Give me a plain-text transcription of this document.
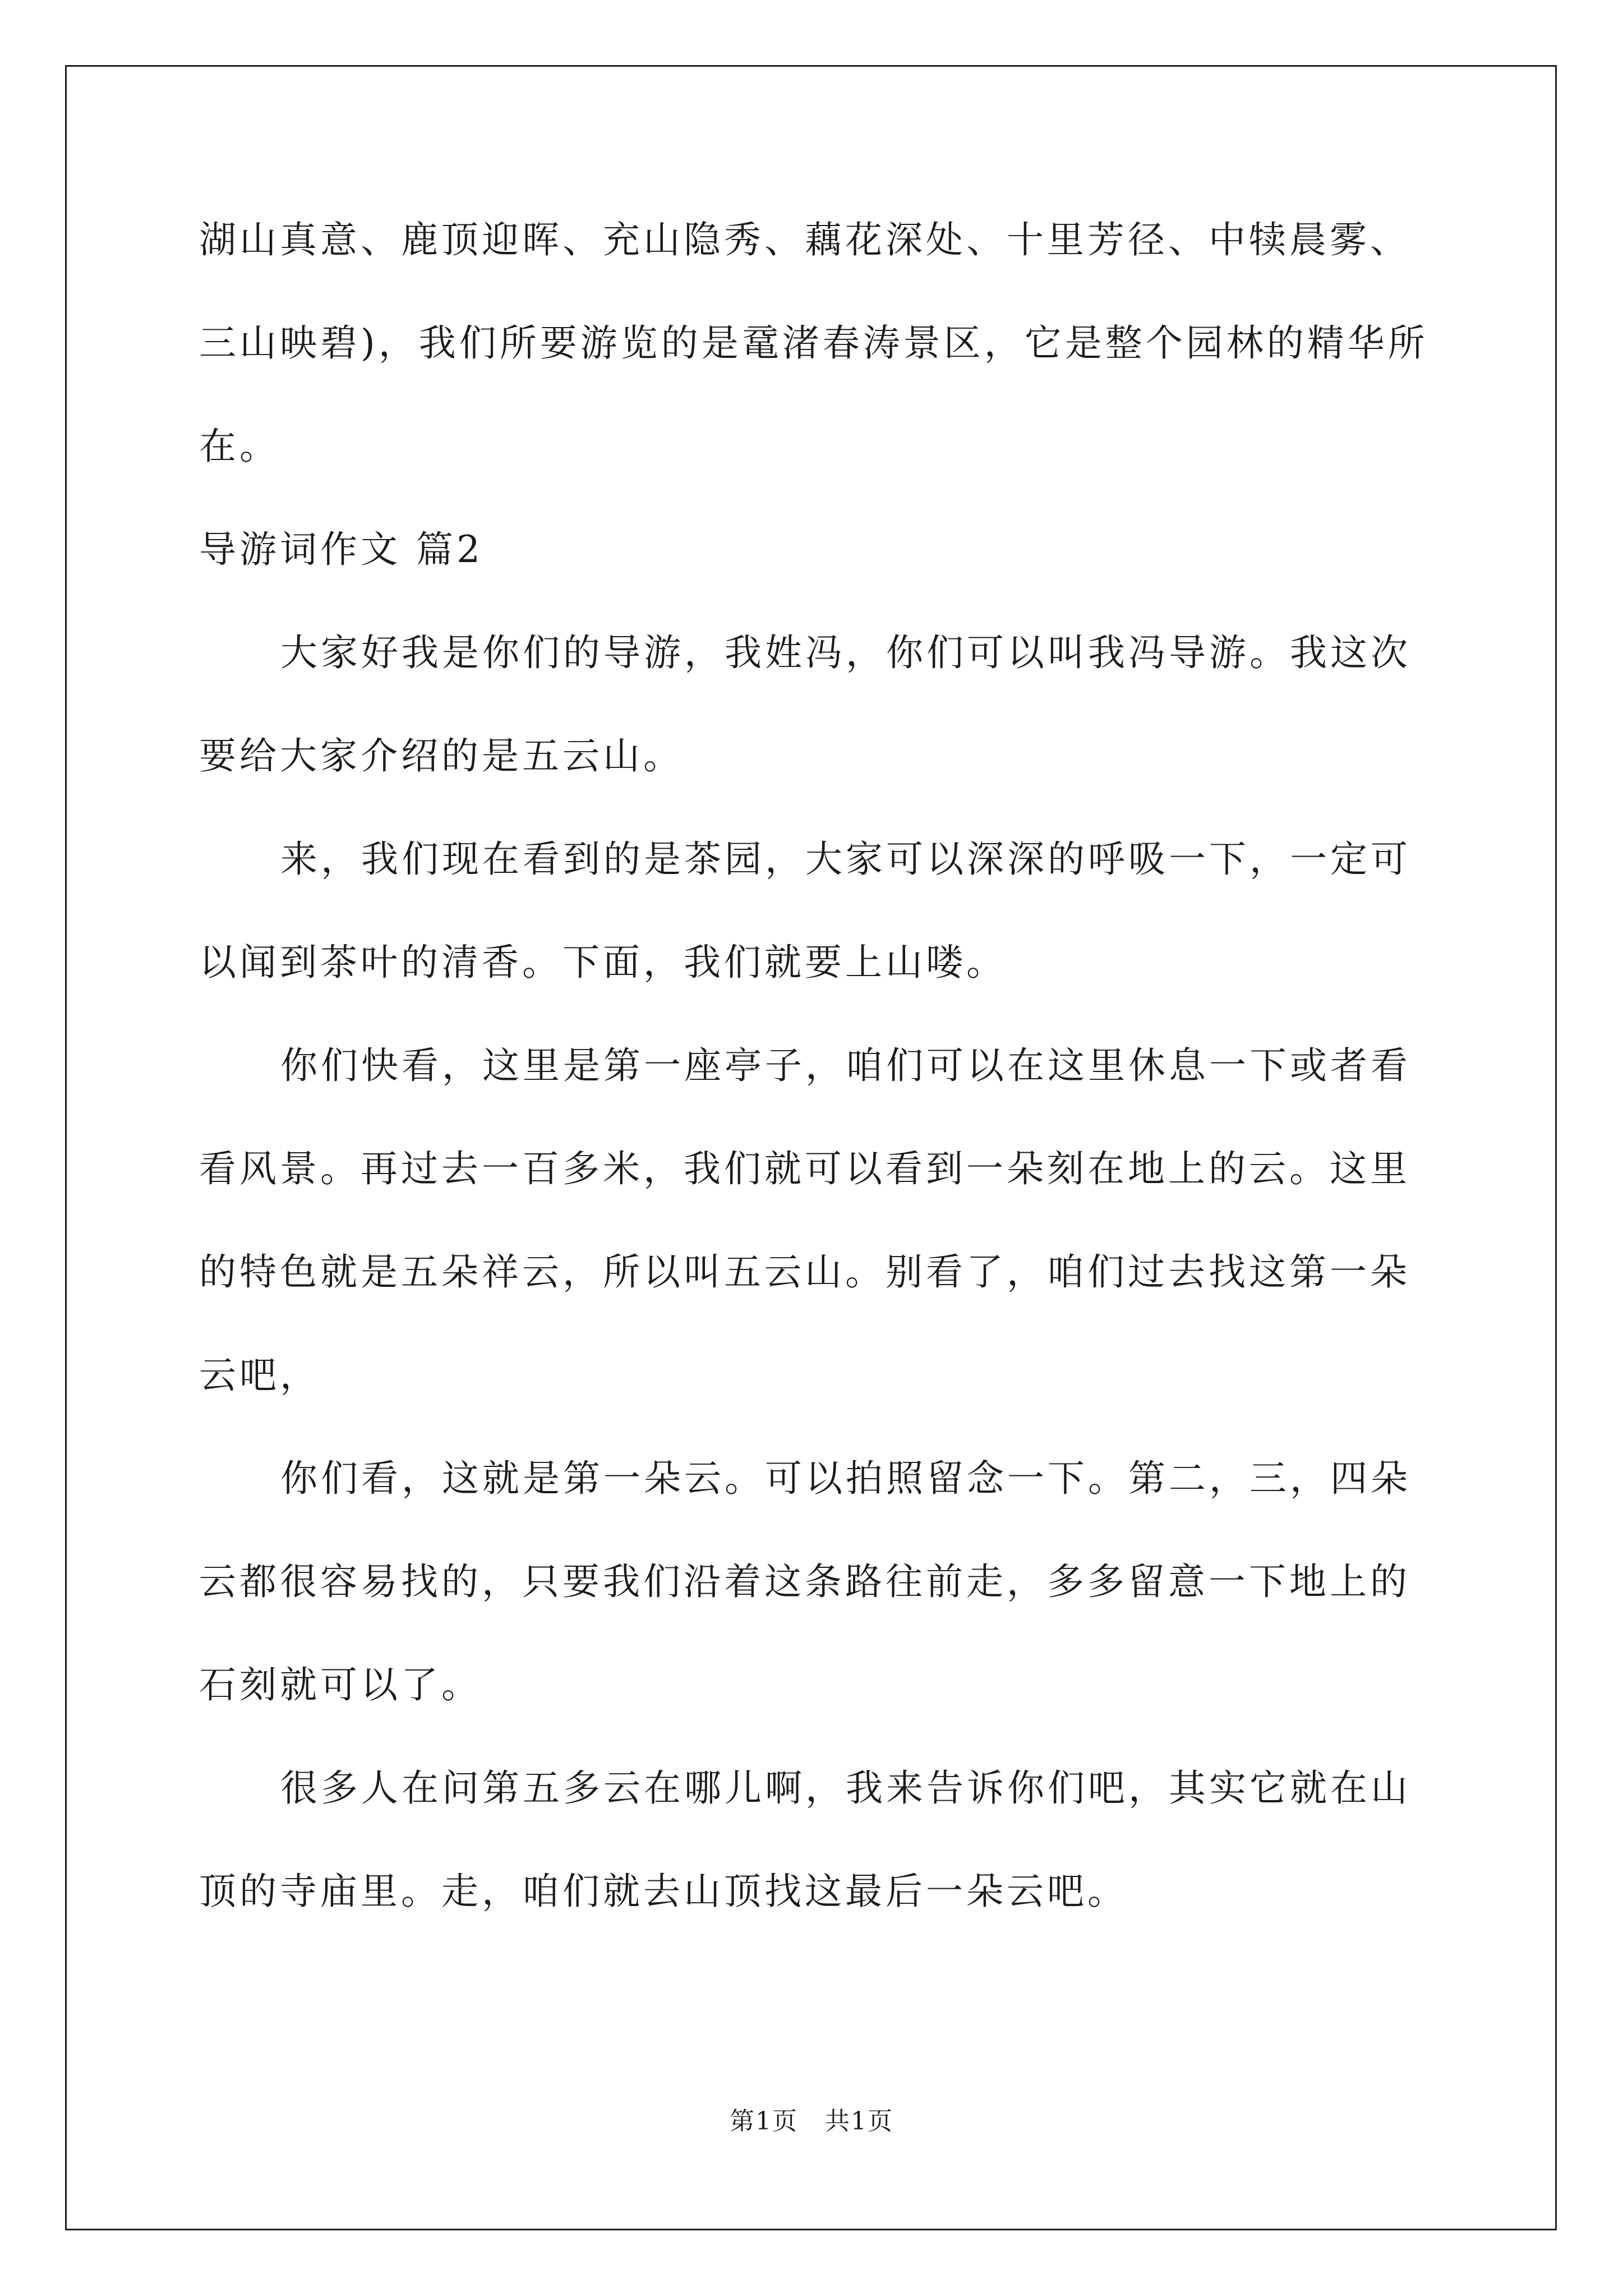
湖山真意、鹿顶迎晖、充山隐秀、藕花深处、十里芳径、中犊晨雾、
三山映碧)，我们所要游览的是鼋渚春涛景区，它是整个园林的精华所
在。
导游词作文 篇2
大家好我是你们的导游，我姓冯，你们可以叫我冯导游。我这次
要给大家介绍的是五云山。
来，我们现在看到的是茶园，大家可以深深的呼吸一下，一定可
以闻到茶叶的清香。下面，我们就要上山喽。
你们快看，这里是第一座亭子，咱们可以在这里休息一下或者看
看风景。再过去一百多米，我们就可以看到一朵刻在地上的云。这里
的特色就是五朵祥云，所以叫五云山。别看了，咱们过去找这第一朵
云吧，
你们看，这就是第一朵云。可以拍照留念一下。第二，三，四朵
云都很容易找的，只要我们沿着这条路往前走，多多留意一下地上的
石刻就可以了。
很多人在问第五多云在哪儿啊，我来告诉你们吧，其实它就在山
顶的寺庙里。走，咱们就去山顶找这最后一朵云吧。
第1页   共1页
